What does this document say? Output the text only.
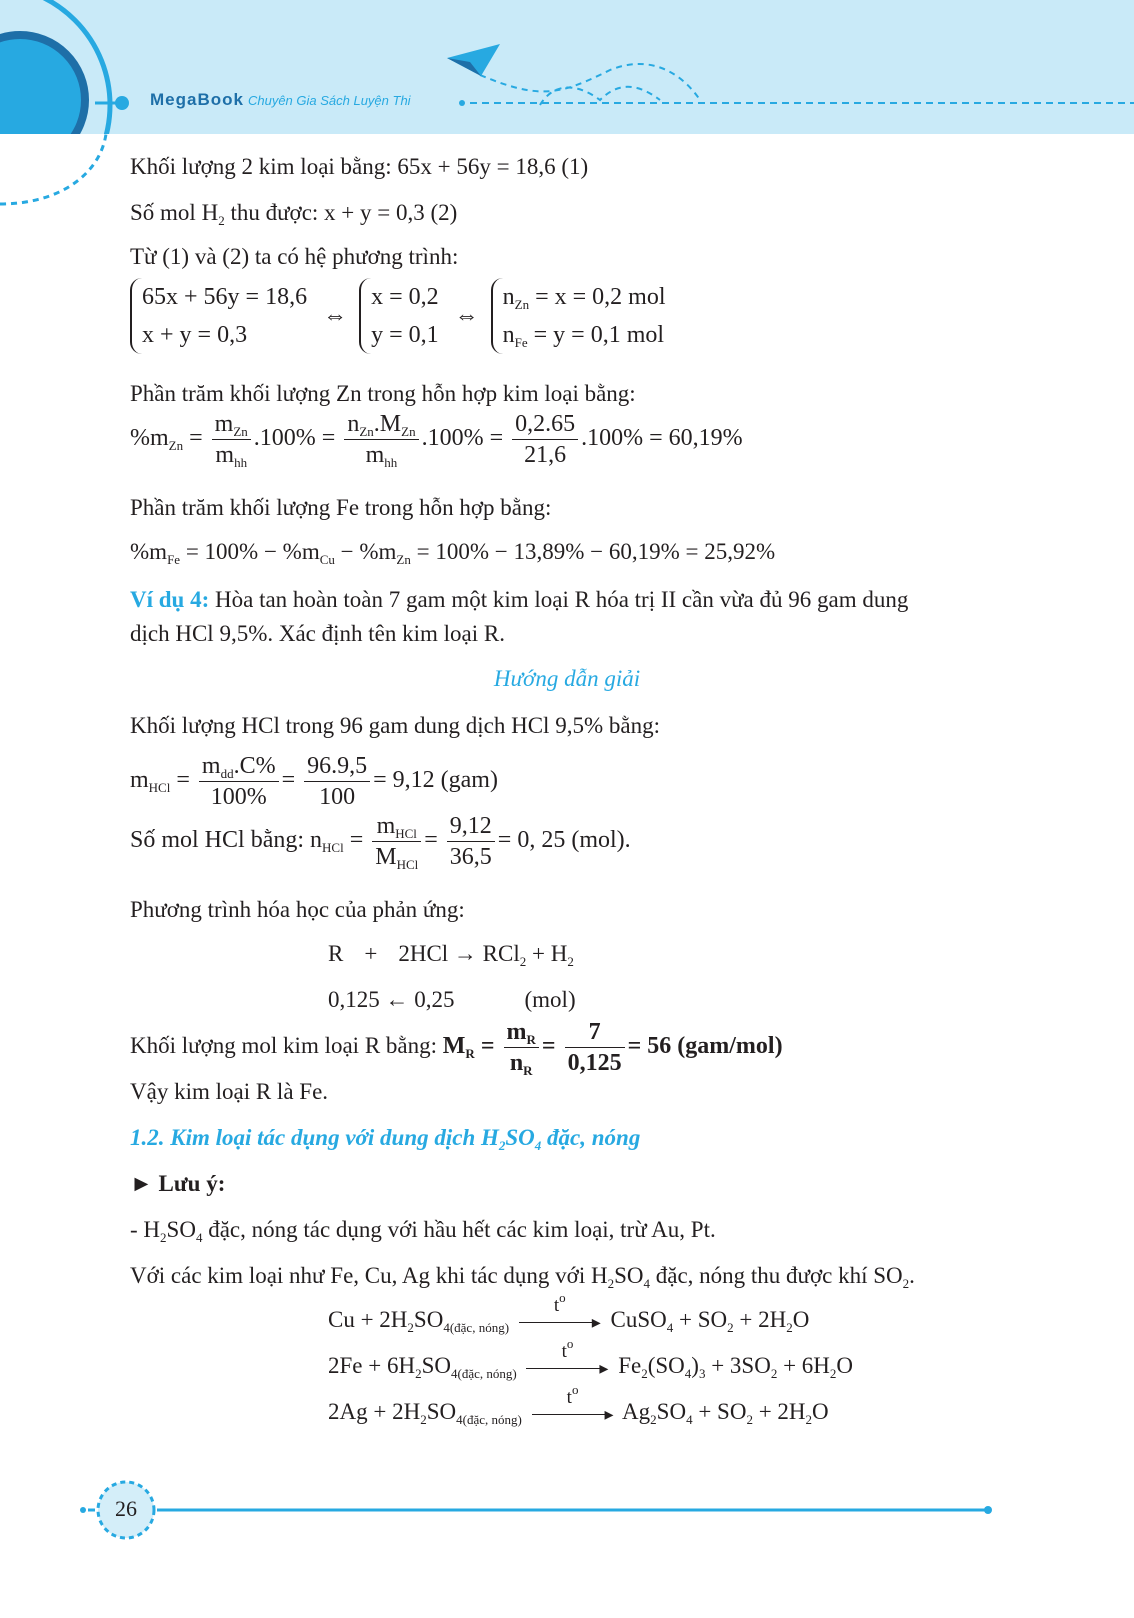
MegaBook Chuyên Gia Sách Luyện Thi
Khối lượng 2 kim loại bằng: 65x + 56y = 18,6 (1)
Số mol $H_2$ thu được: x + y = 0,3 (2)
Từ (1) và (2) ta có hệ phương trình:
65x + 56y = 18,6
x + y = 0,3
⇔
x = 0,2
y = 0,1
⇔
$n_{Zn} = x = 0,2$ mol
$n_{Fe} = y = 0,1$ mol
Phần trăm khối lượng Zn trong hỗn hợp kim loại bằng:
$\%m_{Zn} = \frac{m_{Zn}}{m_{hh}} .100\% = \frac{n_{Zn}.M_{Zn}}{m_{hh}} .100\% = \frac{0,2.65}{21,6} .100\% = 60,19\%$
Phần trăm khối lượng Fe trong hỗn hợp bằng:
$\%m_{Fe} = 100\% - \%m_{Cu} - \%m_{Zn} = 100\% - 13,89\% - 60,19\% = 25,92\%$
Ví dụ 4: Hòa tan hoàn toàn 7 gam một kim loại R hóa trị II cần vừa đủ 96 gam dung
dịch HCl 9,5%. Xác định tên kim loại R.
Hướng dẫn giải
Khối lượng HCl trong 96 gam dung dịch HCl 9,5% bằng:
$m_{HCl} = \frac{m_{dd}.C\%}{100\%} = \frac{96.9,5}{100} = 9,12$ (gam)
Số mol HCl bằng: $n_{HCl} = \frac{m_{HCl}}{M_{HCl}} = \frac{9,12}{36,5} = 0$, 25 (mol).
Phương trình hóa học của phản ứng:
$R + 2HCl \to RCl_2 + H_2$
0,125 ← 0,25	(mol)
Khối lượng mol kim loại R bằng: $M_R = \frac{m_R}{n_R} = \frac{7}{0,125} = 56$ (gam/mol)
Vậy kim loại R là Fe.
1.2. Kim loại tác dụng với dung dịch $H_2SO_4$ đặc, nóng
► Lưu ý:
- $H_2SO_4$ đặc, nóng tác dụng với hầu hết các kim loại, trừ Au, Pt.
Với các kim loại như Fe, Cu, Ag khi tác dụng với $H_2SO_4$ đặc, nóng thu được khí $SO_2$.
$Cu + 2H_2SO_{4(đặc, nóng)}$
$t^o$
▸ CuSO$_4$ + $SO_2 + 2H_2O$
$2Fe + 6H_2SO_{4(đặc, nóng)}$
$t^o$
▸ $Fe_2(SO_4)_3 + 3SO_2 + 6H_2O$
$2Ag + 2H_2SO_{4(đặc, nóng)}$
$t^o$
▸ $Ag_2SO_4 + SO_2 + 2H_2O$
26
